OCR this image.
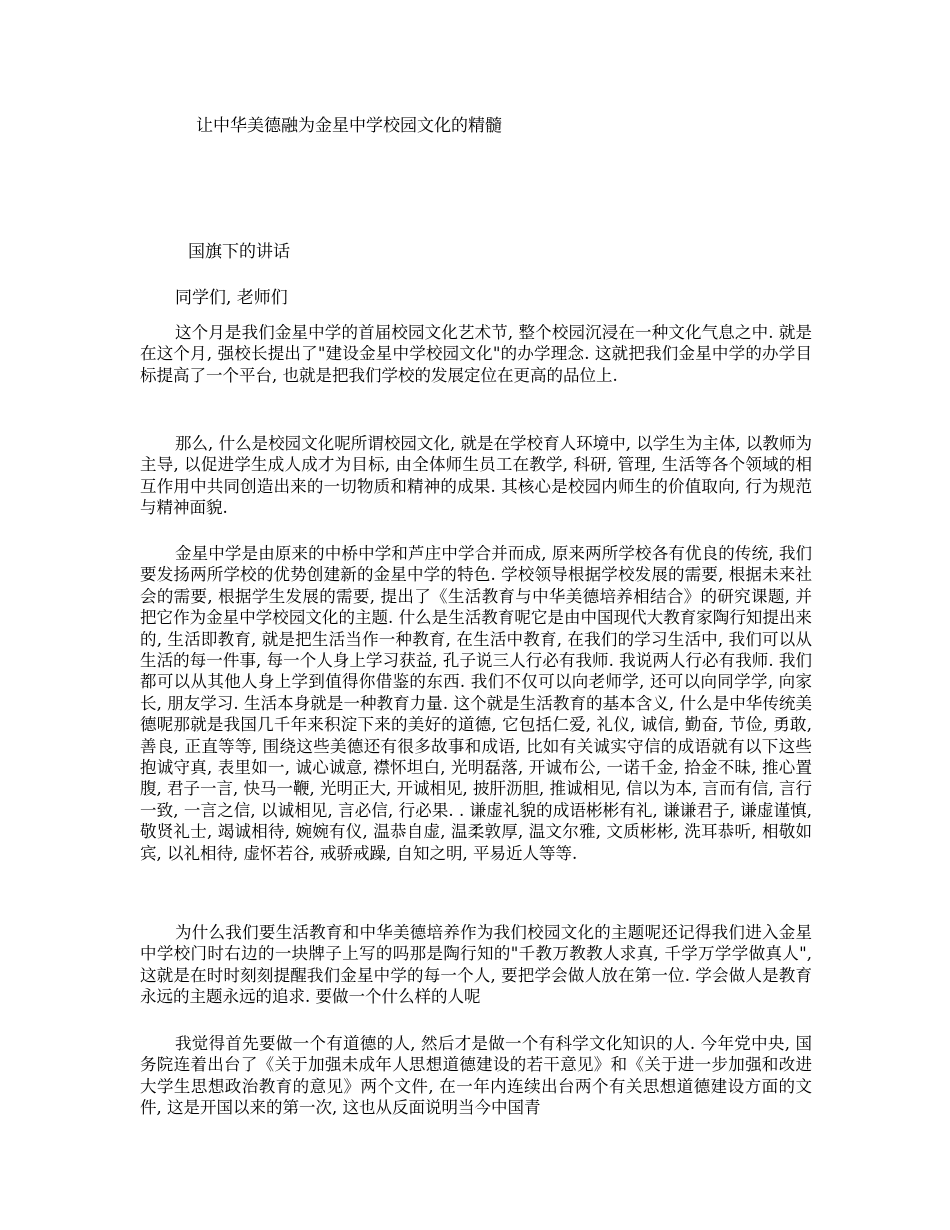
让中华美德融为金星中学校园文化的精髓
国旗下的讲话
同学们, 老师们

这个月是我们金星中学的首届校园文化艺术节, 整个校园沉浸在一种文化气息之中. 就是在这个月, 强校长提出了"建设金星中学校园文化"的办学理念. 这就把我们金星中学的办学目标提高了一个平台, 也就是把我们学校的发展定位在更高的品位上.

那么, 什么是校园文化呢所谓校园文化, 就是在学校育人环境中, 以学生为主体, 以教师为主导, 以促进学生成人成才为目标, 由全体师生员工在教学, 科研, 管理, 生活等各个领域的相互作用中共同创造出来的一切物质和精神的成果. 其核心是校园内师生的价值取向, 行为规范与精神面貌.

金星中学是由原来的中桥中学和芦庄中学合并而成, 原来两所学校各有优良的传统, 我们要发扬两所学校的优势创建新的金星中学的特色. 学校领导根据学校发展的需要, 根据未来社会的需要, 根据学生发展的需要, 提出了《生活教育与中华美德培养相结合》的研究课题, 并把它作为金星中学校园文化的主题. 什么是生活教育呢它是由中国现代大教育家陶行知提出来的, 生活即教育, 就是把生活当作一种教育, 在生活中教育, 在我们的学习生活中, 我们可以从生活的每一件事, 每一个人身上学习获益, 孔子说三人行必有我师. 我说两人行必有我师. 我们都可以从其他人身上学到值得你借鉴的东西. 我们不仅可以向老师学, 还可以向同学学, 向家长, 朋友学习. 生活本身就是一种教育力量. 这个就是生活教育的基本含义, 什么是中华传统美德呢那就是我国几千年来积淀下来的美好的道德, 它包括仁爱, 礼仪, 诚信, 勤奋, 节俭, 勇敢, 善良, 正直等等, 围绕这些美德还有很多故事和成语, 比如有关诚实守信的成语就有以下这些抱诚守真, 表里如一, 诚心诚意, 襟怀坦白, 光明磊落, 开诚布公, 一诺千金, 拾金不昧, 推心置腹, 君子一言, 快马一鞭, 光明正大, 开诚相见, 披肝沥胆, 推诚相见, 信以为本, 言而有信, 言行一致, 一言之信, 以诚相见, 言必信, 行必果. . 谦虚礼貌的成语彬彬有礼, 谦谦君子, 谦虚谨慎, 敬贤礼士, 竭诚相待, 婉婉有仪, 温恭自虚, 温柔敦厚, 温文尔雅, 文质彬彬, 洗耳恭听, 相敬如宾, 以礼相待, 虚怀若谷, 戒骄戒躁, 自知之明, 平易近人等等.

为什么我们要生活教育和中华美德培养作为我们校园文化的主题呢还记得我们进入金星中学校门时右边的一块牌子上写的吗那是陶行知的"千教万教教人求真, 千学万学学做真人", 这就是在时时刻刻提醒我们金星中学的每一个人, 要把学会做人放在第一位. 学会做人是教育永远的主题永远的追求. 要做一个什么样的人呢

我觉得首先要做一个有道德的人, 然后才是做一个有科学文化知识的人. 今年党中央, 国务院连着出台了《关于加强未成年人思想道德建设的若干意见》和《关于进一步加强和改进大学生思想政治教育的意见》两个文件, 在一年内连续出台两个有关思想道德建设方面的文件, 这是开国以来的第一次, 这也从反面说明当今中国青
